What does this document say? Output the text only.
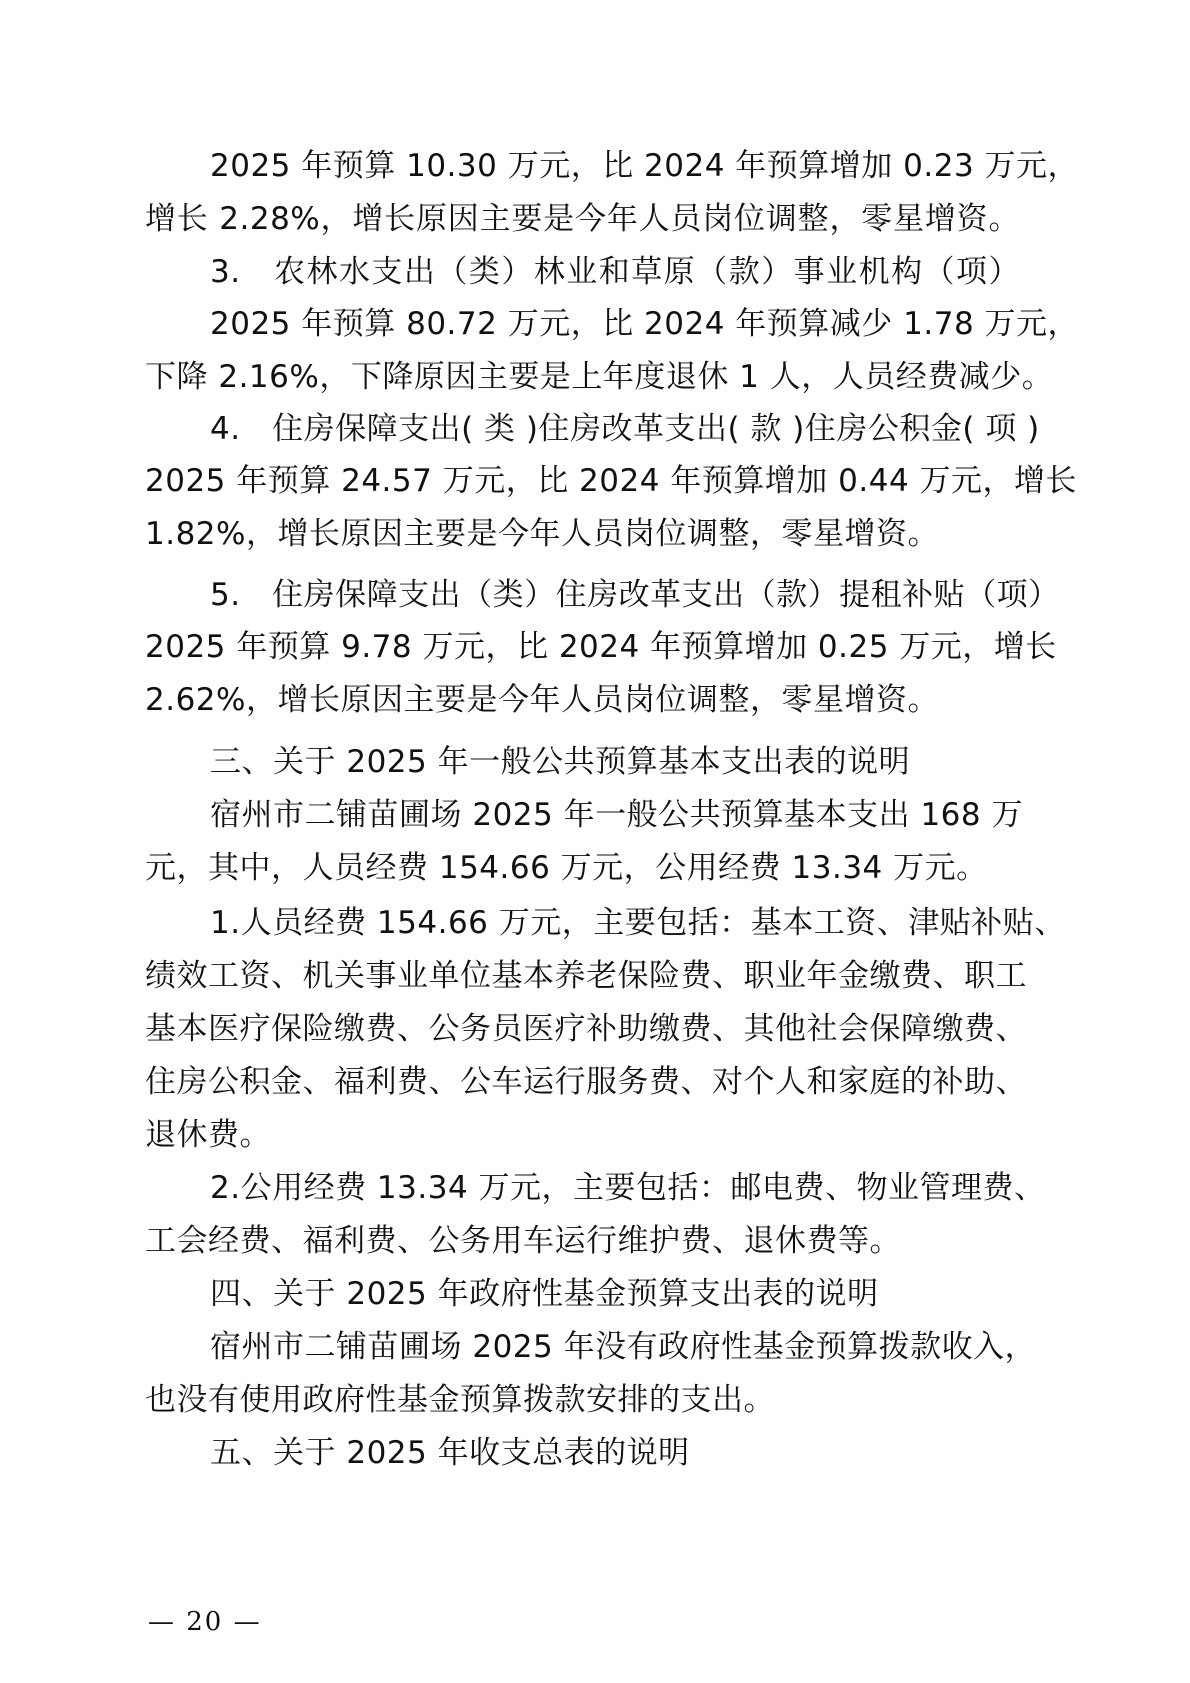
2025 年预算 10.30 万元，比 2024 年预算增加 0.23 万元，
增长 2.28%，增长原因主要是今年人员岗位调整，零星增资。
3.　农林水支出（类）林业和草原（款）事业机构（项）
2025 年预算 80.72 万元，比 2024 年预算减少 1.78 万元，
下降 2.16%，下降原因主要是上年度退休 1 人，人员经费减少。
4.　住房保障支出( 类 )住房改革支出( 款 )住房公积金( 项 )
2025 年预算 24.57 万元，比 2024 年预算增加 0.44 万元，增长
1.82%，增长原因主要是今年人员岗位调整，零星增资。
5.　住房保障支出（类）住房改革支出（款）提租补贴（项）
2025 年预算 9.78 万元，比 2024 年预算增加 0.25 万元，增长
2.62%，增长原因主要是今年人员岗位调整，零星增资。
三、关于 2025 年一般公共预算基本支出表的说明
宿州市二铺苗圃场 2025 年一般公共预算基本支出 168 万
元，其中，人员经费 154.66 万元，公用经费 13.34 万元。
1.人员经费 154.66 万元，主要包括：基本工资、津贴补贴、
绩效工资、机关事业单位基本养老保险费、职业年金缴费、职工
基本医疗保险缴费、公务员医疗补助缴费、其他社会保障缴费、
住房公积金、福利费、公车运行服务费、对个人和家庭的补助、
退休费。
2.公用经费 13.34 万元，主要包括：邮电费、物业管理费、
工会经费、福利费、公务用车运行维护费、退休费等。
四、关于 2025 年政府性基金预算支出表的说明
宿州市二铺苗圃场 2025 年没有政府性基金预算拨款收入，
也没有使用政府性基金预算拨款安排的支出。
五、关于 2025 年收支总表的说明
— 20 —
